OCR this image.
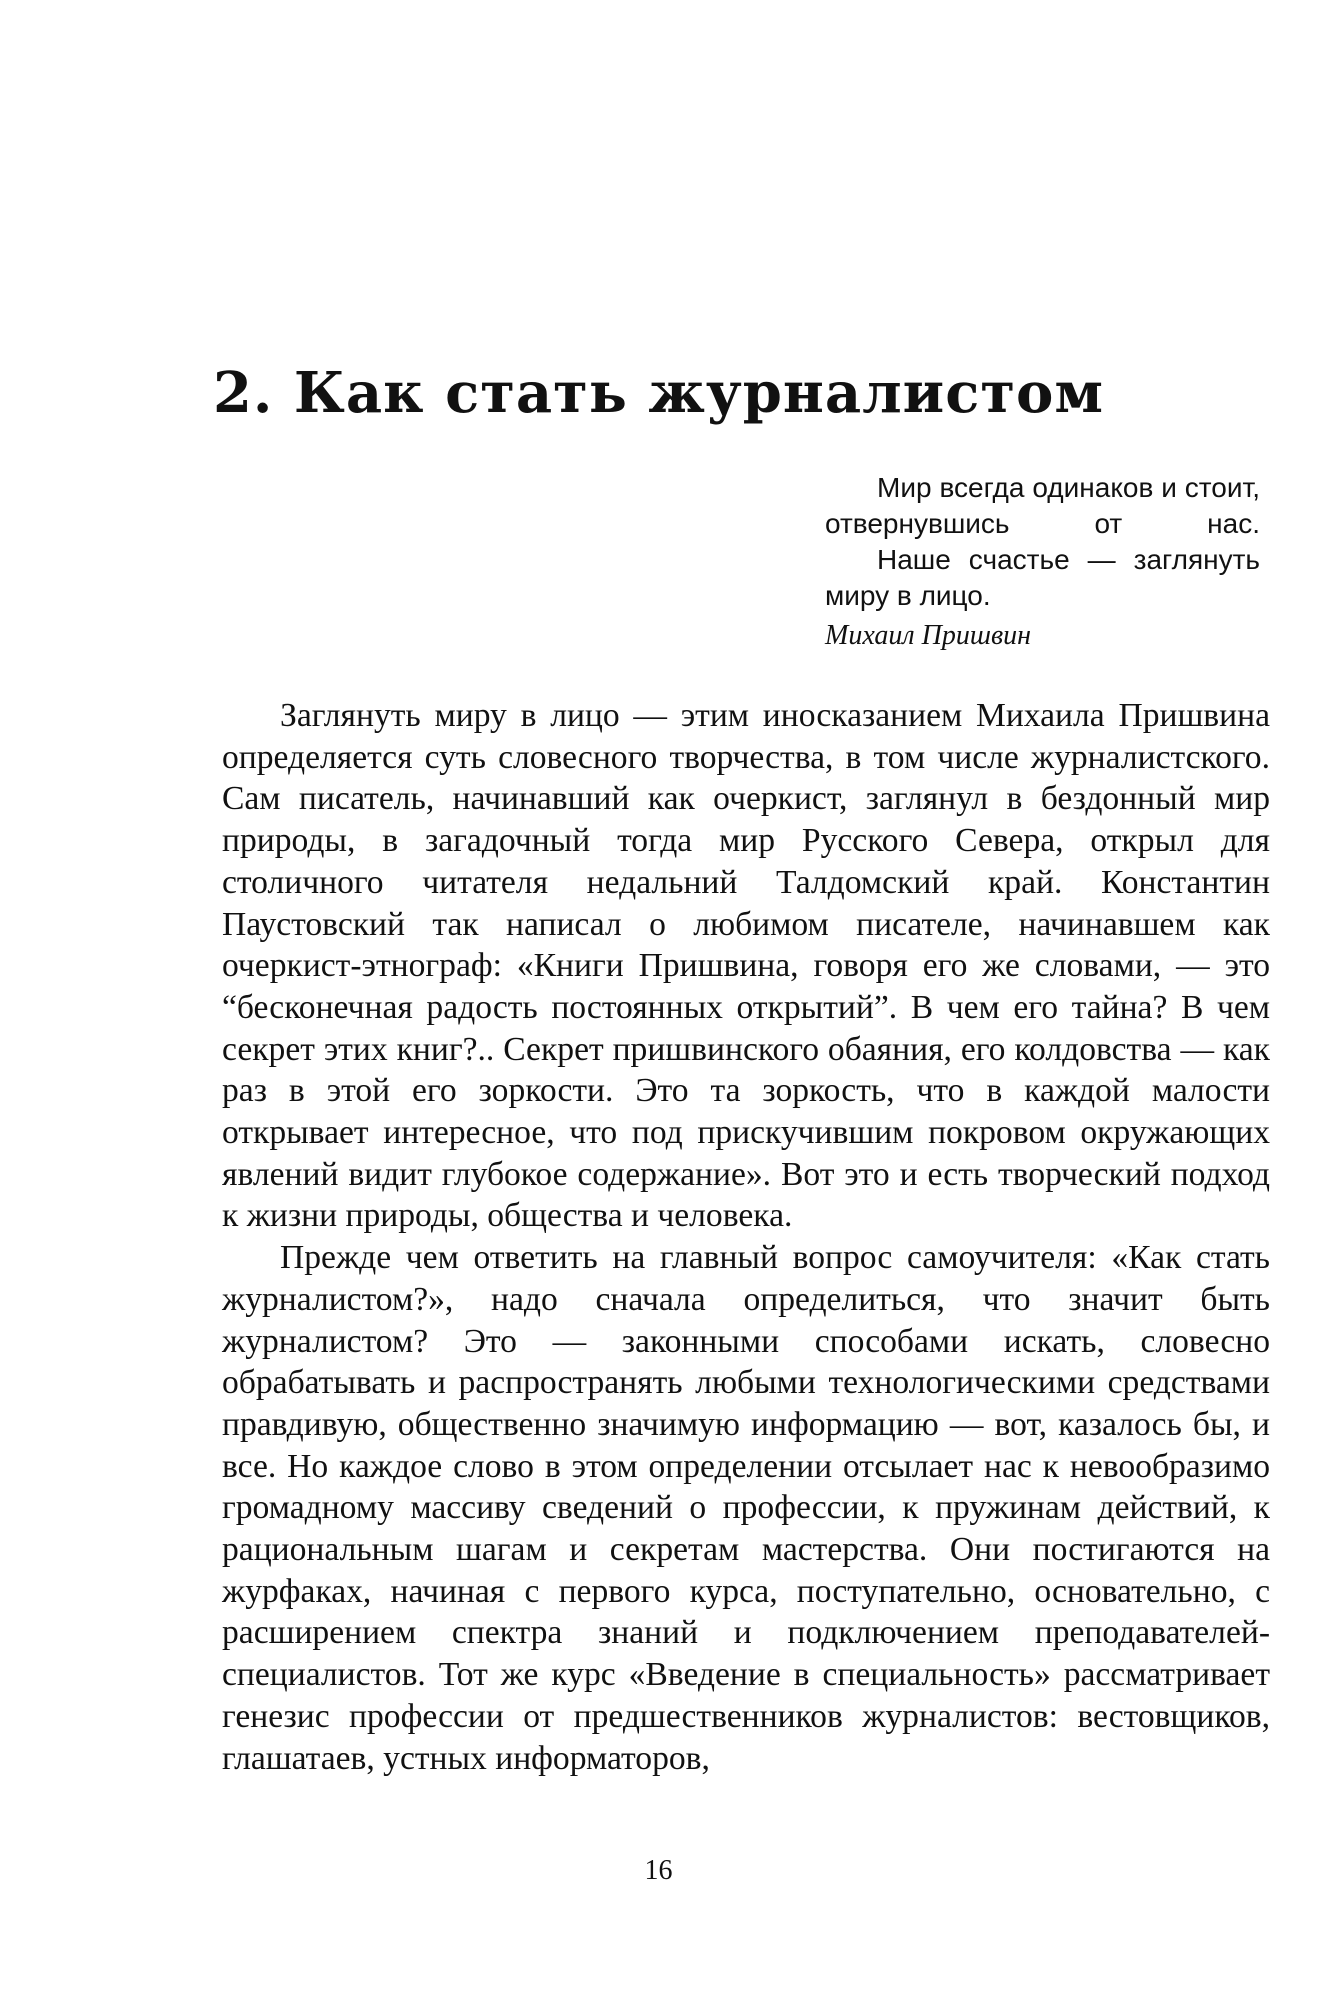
2. Как стать журналистом

Мир всегда одинаков и стоит, отвернувшись от нас.

Наше счастье — заглянуть миру в лицо.

Михаил Пришвин

Заглянуть миру в лицо — этим иносказанием Михаила Пришвина определяется суть словесного творчества, в том числе журналистского. Сам писатель, начинавший как очеркист, заглянул в бездонный мир природы, в загадочный тогда мир Русского Севера, открыл для столичного читателя недальний Талдомский край. Константин Паустовский так написал о любимом писателе, начинавшем как очеркист-этнограф: «Книги Пришвина, говоря его же словами, — это “бесконечная радость постоянных открытий”. В чем его тайна? В чем секрет этих книг?.. Секрет пришвинского обаяния, его колдовства — как раз в этой его зоркости. Это та зоркость, что в каждой малости открывает интересное, что под прискучившим покровом окружающих явлений видит глубокое содержание». Вот это и есть творческий подход к жизни природы, общества и человека.

Прежде чем ответить на главный вопрос самоучителя: «Как стать журналистом?», надо сначала определиться, что значит быть журналистом? Это — законными способами искать, словесно обрабатывать и распространять любыми технологическими средствами правдивую, общественно значимую информацию — вот, казалось бы, и все. Но каждое слово в этом определении отсылает нас к невообразимо громадному массиву сведений о профессии, к пружинам действий, к рациональным шагам и секретам мастерства. Они постигаются на журфаках, начиная с первого курса, поступательно, основательно, с расширением спектра знаний и подключением преподавателей-специалистов. Тот же курс «Введение в специальность» рассматривает генезис профессии от предшественников журналистов: вестовщиков, глашатаев, устных информаторов,

16
